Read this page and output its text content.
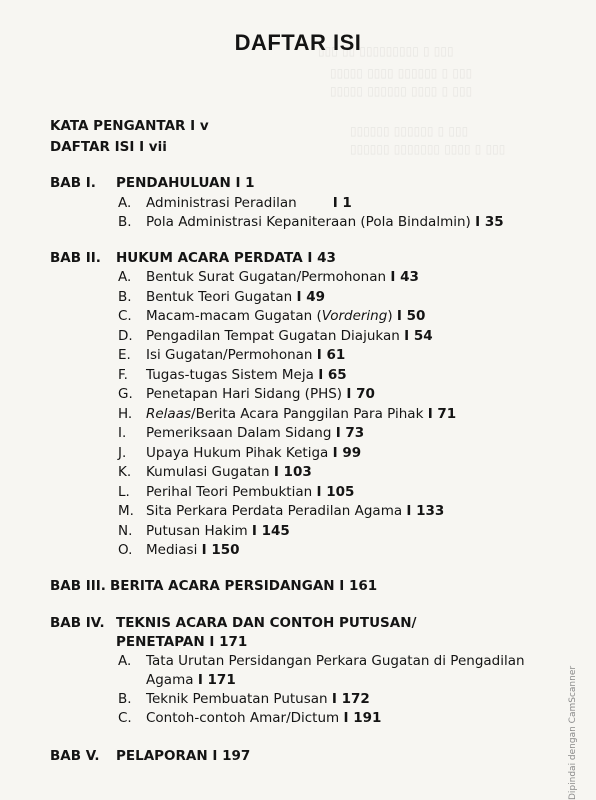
▯▯▯ ▯▯ ▯▯▯▯▯▯▯▯▯ ▯ ▯▯▯
▯▯▯▯▯ ▯▯▯▯ ▯▯▯▯▯▯ ▯ ▯▯▯
▯▯▯▯▯ ▯▯▯▯▯▯ ▯▯▯▯ ▯ ▯▯▯
▯▯▯▯▯▯ ▯▯▯▯▯▯ ▯ ▯▯▯
▯▯▯▯▯▯ ▯▯▯▯▯▯▯ ▯▯▯▯ ▯ ▯▯▯
DAFTAR ISI
KATA PENGANTAR I v
DAFTAR ISI I vii
BAB I. PENDAHULUAN I 1
A. Administrasi Peradilan	I 1
B. Pola Administrasi Kepaniteraan (Pola Bindalmin) I 35
BAB II. HUKUM ACARA PERDATA I 43
A. Bentuk Surat Gugatan/Permohonan I 43
B. Bentuk Teori Gugatan I 49
C. Macam-macam Gugatan (Vordering) I 50
D. Pengadilan Tempat Gugatan Diajukan I 54
E. Isi Gugatan/Permohonan I 61
F. Tugas-tugas Sistem Meja I 65
G. Penetapan Hari Sidang (PHS) I 70
H. Relaas/Berita Acara Panggilan Para Pihak I 71
I. Pemeriksaan Dalam Sidang I 73
J. Upaya Hukum Pihak Ketiga I 99
K. Kumulasi Gugatan I 103
L. Perihal Teori Pembuktian I 105
M. Sita Perkara Perdata Peradilan Agama I 133
N. Putusan Hakim I 145
O. Mediasi I 150
BAB III. BERITA ACARA PERSIDANGAN I 161
BAB IV. TEKNIS ACARA DAN CONTOH PUTUSAN/
PENETAPAN I 171
A. Tata Urutan Persidangan Perkara Gugatan di Pengadilan
Agama I 171
B. Teknik Pembuatan Putusan I 172
C. Contoh-contoh Amar/Dictum I 191
BAB V. PELAPORAN I 197	Dipindai dengan CamScanner
